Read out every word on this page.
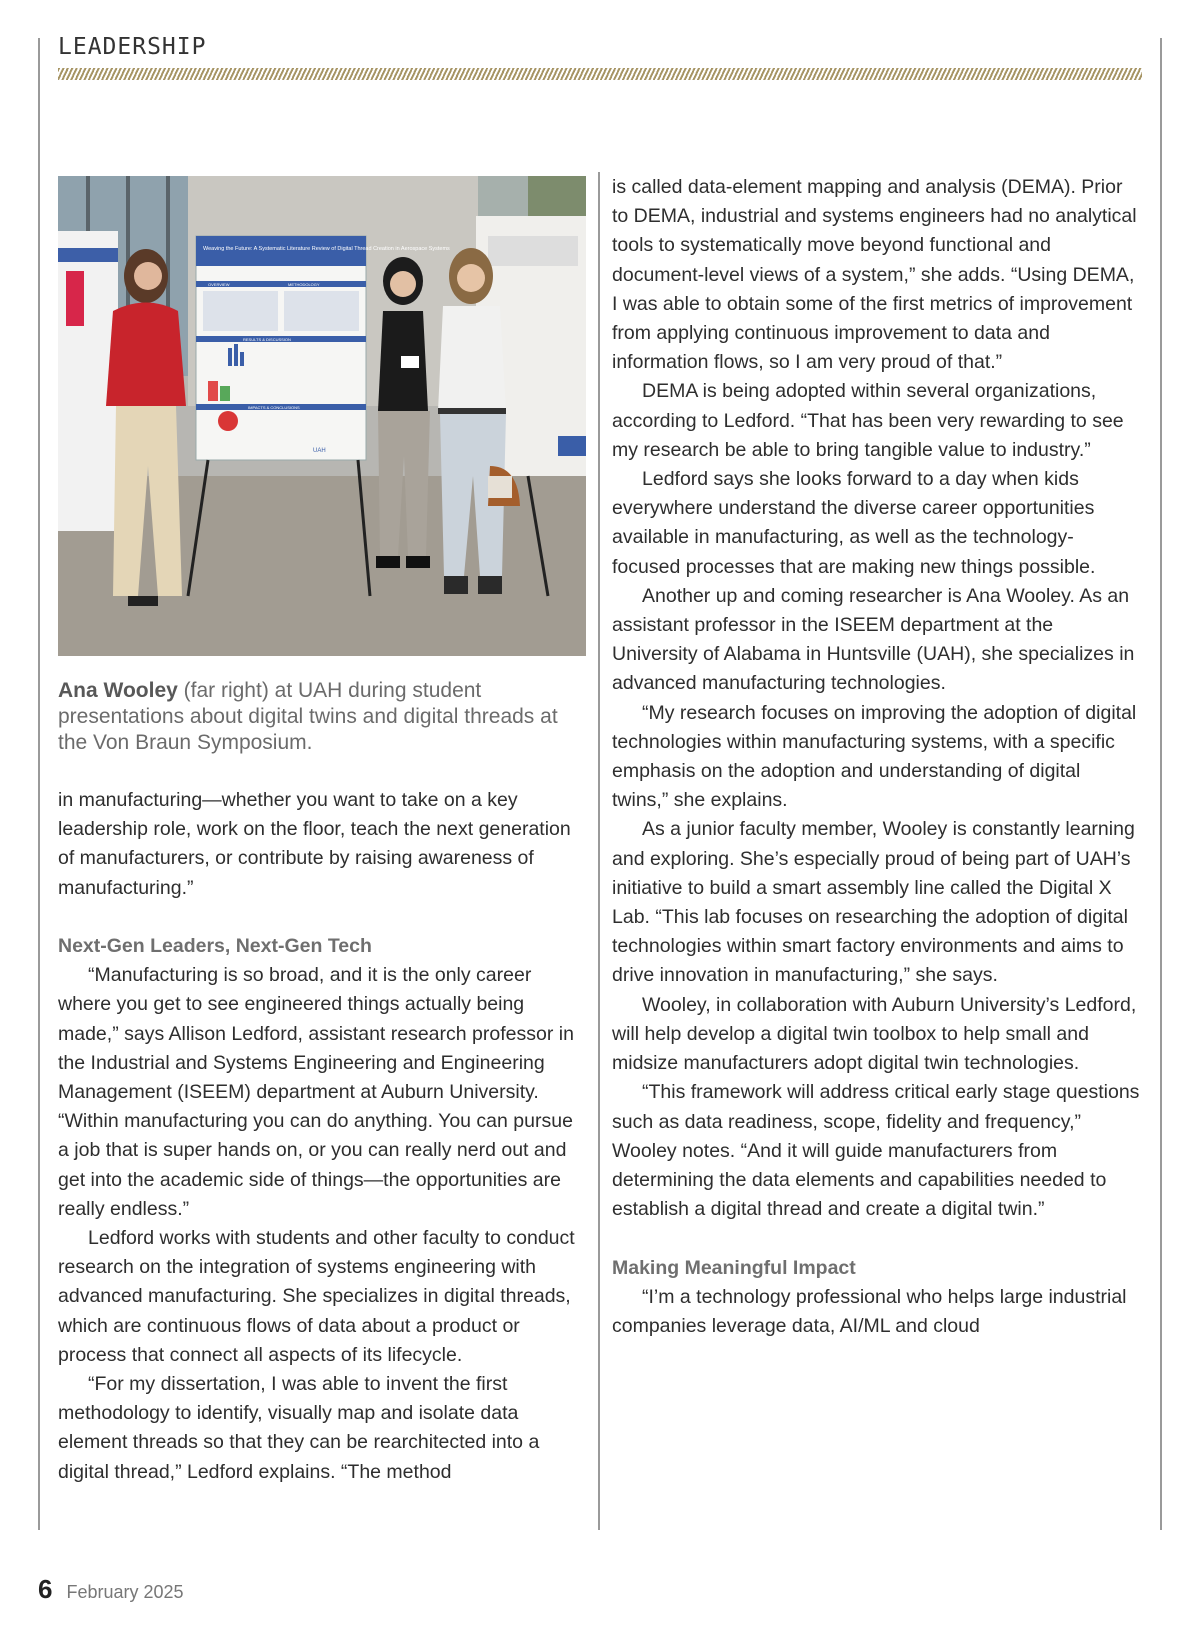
LEADERSHIP
Weaving the Future: A Systematic Literature Review of Digital Thread Creation in Aerospace Systems
OVERVIEW	METHODOLOGY
RESULTS & DISCUSSION
IMPACTS & CONCLUSIONS
UAH
Ana Wooley (far right) at UAH during student presentations about digital twins and digital threads at the Von Braun Symposium.

in manufacturing—whether you want to take on a key leadership role, work on the floor, teach the next generation of manufacturers, or contribute by raising awareness of manufacturing.”

Next-Gen Leaders, Next-Gen Tech

“Manufacturing is so broad, and it is the only career where you get to see engineered things actually being made,” says Allison Ledford, assistant research professor in the Industrial and Systems Engineering and Engineering Management (ISEEM) department at Auburn University. “Within manufacturing you can do anything. You can pursue a job that is super hands on, or you can really nerd out and get into the academic side of things—the opportunities are really endless.”

Ledford works with students and other faculty to conduct research on the integration of systems engineering with advanced manufacturing. She specializes in digital threads, which are continuous flows of data about a product or process that connect all aspects of its lifecycle.

“For my dissertation, I was able to invent the first methodology to identify, visually map and isolate data element threads so that they can be rearchitected into a digital thread,” Ledford explains. “The method

is called data-element mapping and analysis (DEMA). Prior to DEMA, industrial and systems engineers had no analytical tools to systematically move beyond functional and document-level views of a system,” she adds. “Using DEMA, I was able to obtain some of the first metrics of improvement from applying continuous improvement to data and information flows, so I am very proud of that.”

DEMA is being adopted within several organizations, according to Ledford. “That has been very rewarding to see my research be able to bring tangible value to industry.”

Ledford says she looks forward to a day when kids everywhere understand the diverse career opportunities available in manufacturing, as well as the technology-focused processes that are making new things possible.

Another up and coming researcher is Ana Wooley. As an assistant professor in the ISEEM department at the University of Alabama in Huntsville (UAH), she specializes in advanced manufacturing technologies.

“My research focuses on improving the adoption of digital technologies within manufacturing systems, with a specific emphasis on the adoption and understanding of digital twins,” she explains.

As a junior faculty member, Wooley is constantly learning and exploring. She’s especially proud of being part of UAH’s initiative to build a smart assembly line called the Digital X Lab. “This lab focuses on researching the adoption of digital technologies within smart factory environments and aims to drive innovation in manufacturing,” she says.

Wooley, in collaboration with Auburn University’s Ledford, will help develop a digital twin toolbox to help small and midsize manufacturers adopt digital twin technologies.

“This framework will address critical early stage questions such as data readiness, scope, fidelity and frequency,” Wooley notes. “And it will guide manufacturers from determining the data elements and capabilities needed to establish a digital thread and create a digital twin.”

Making Meaningful Impact

“I’m a technology professional who helps large industrial companies leverage data, AI/ML and cloud

6 February 2025
